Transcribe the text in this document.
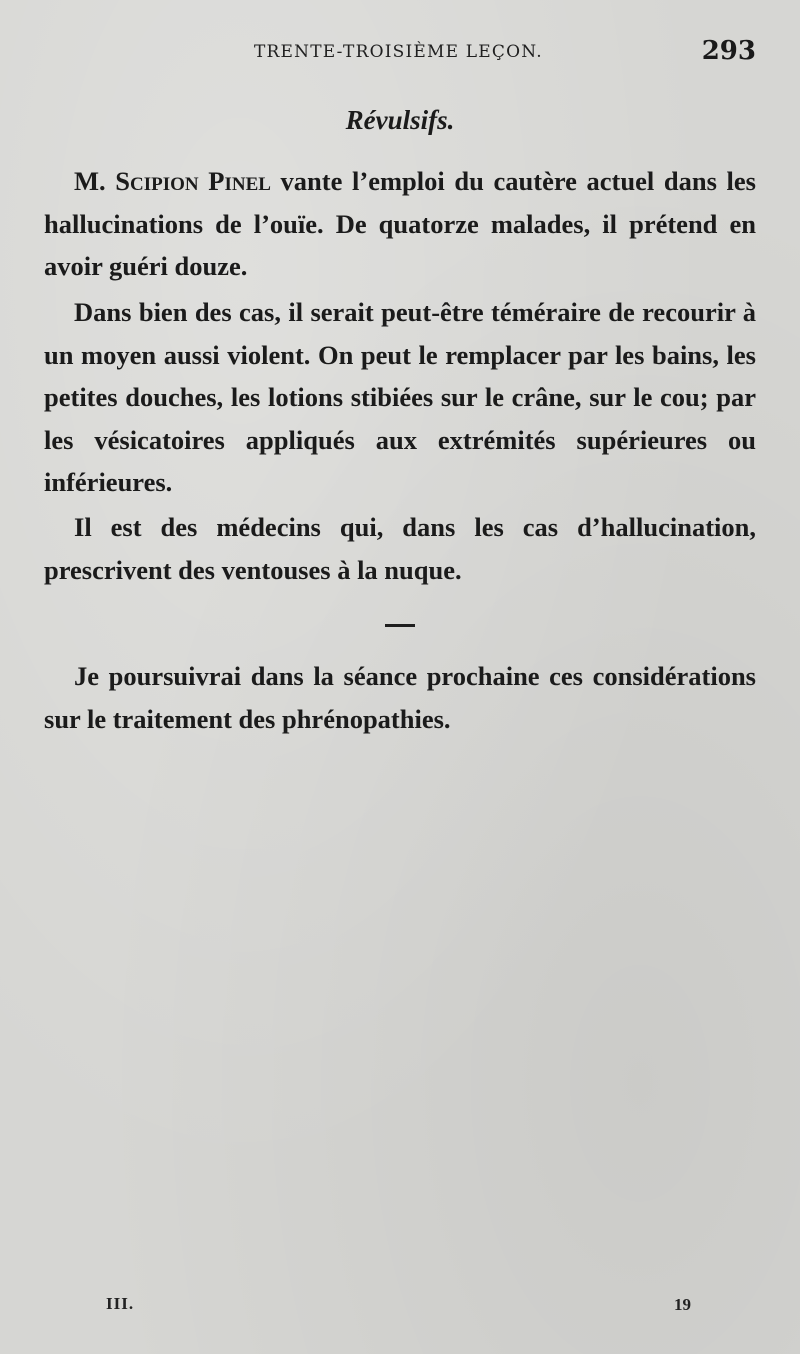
TRENTE-TROISIÈME LEÇON.	293
Révulsifs.

M. Scipion Pinel vante l’emploi du cautère actuel dans les hallucinations de l’ouïe. De quatorze malades, il prétend en avoir guéri douze.

Dans bien des cas, il serait peut-être téméraire de recourir à un moyen aussi violent. On peut le remplacer par les bains, les petites douches, les lotions stibiées sur le crâne, sur le cou; par les vésicatoires appliqués aux extrémités supérieures ou inférieures.

Il est des médecins qui, dans les cas d’hallucination, prescrivent des ventouses à la nuque.

Je poursuivrai dans la séance prochaine ces considérations sur le traitement des phrénopathies.

III.	19
